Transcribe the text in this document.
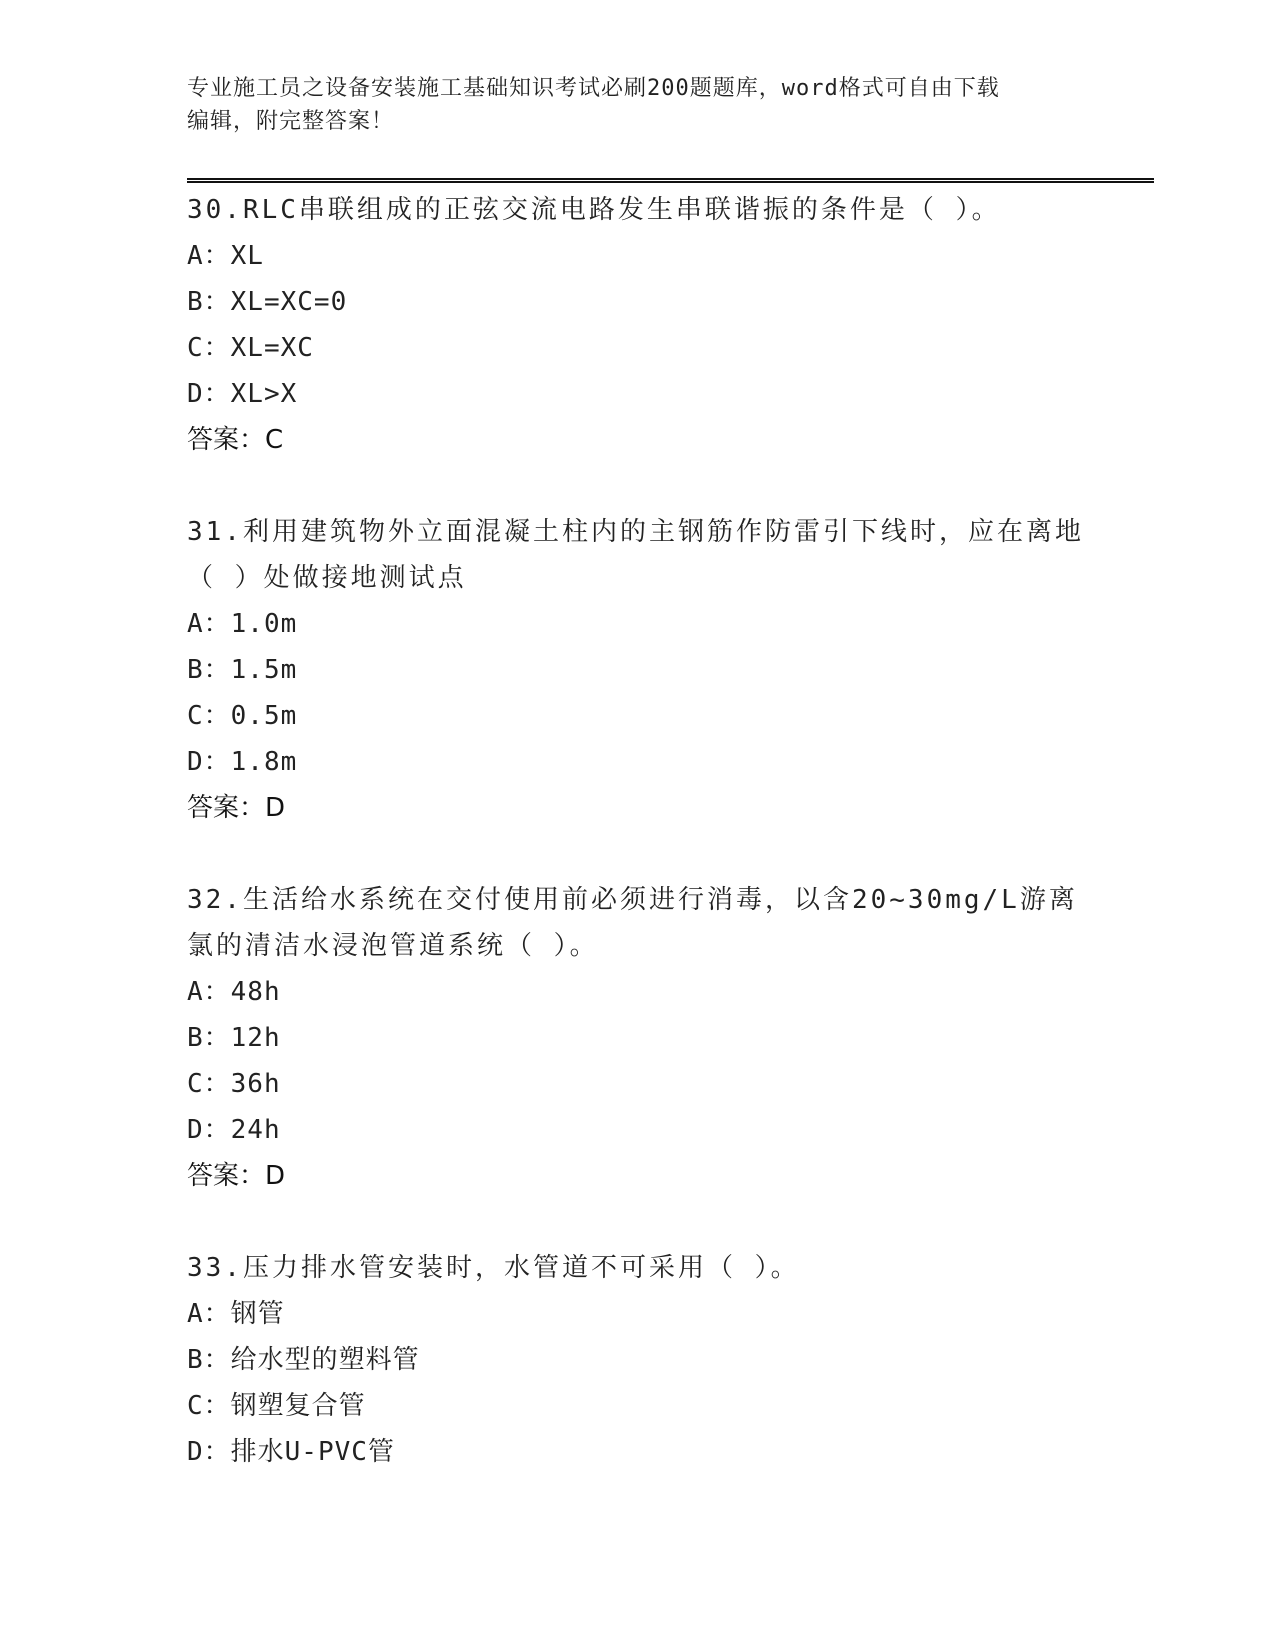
专业施工员之设备安装施工基础知识考试必刷200题题库，word格式可自由下载
编辑，附完整答案！

30.RLC串联组成的正弦交流电路发生串联谐振的条件是（ ）。

A：XL

B：XL=XC=0

C：XL=XC

D：XL>X

答案：C

31.利用建筑物外立面混凝土柱内的主钢筋作防雷引下线时，应在离地（ ）处做接地测试点

A：1.0m

B：1.5m

C：0.5m

D：1.8m

答案：D

32.生活给水系统在交付使用前必须进行消毒，以含20~30mg/L游离氯的清洁水浸泡管道系统（ ）。

A：48h

B：12h

C：36h

D：24h

答案：D

33.压力排水管安装时，水管道不可采用（ ）。

A：钢管

B：给水型的塑料管

C：钢塑复合管

D：排水U-PVC管
